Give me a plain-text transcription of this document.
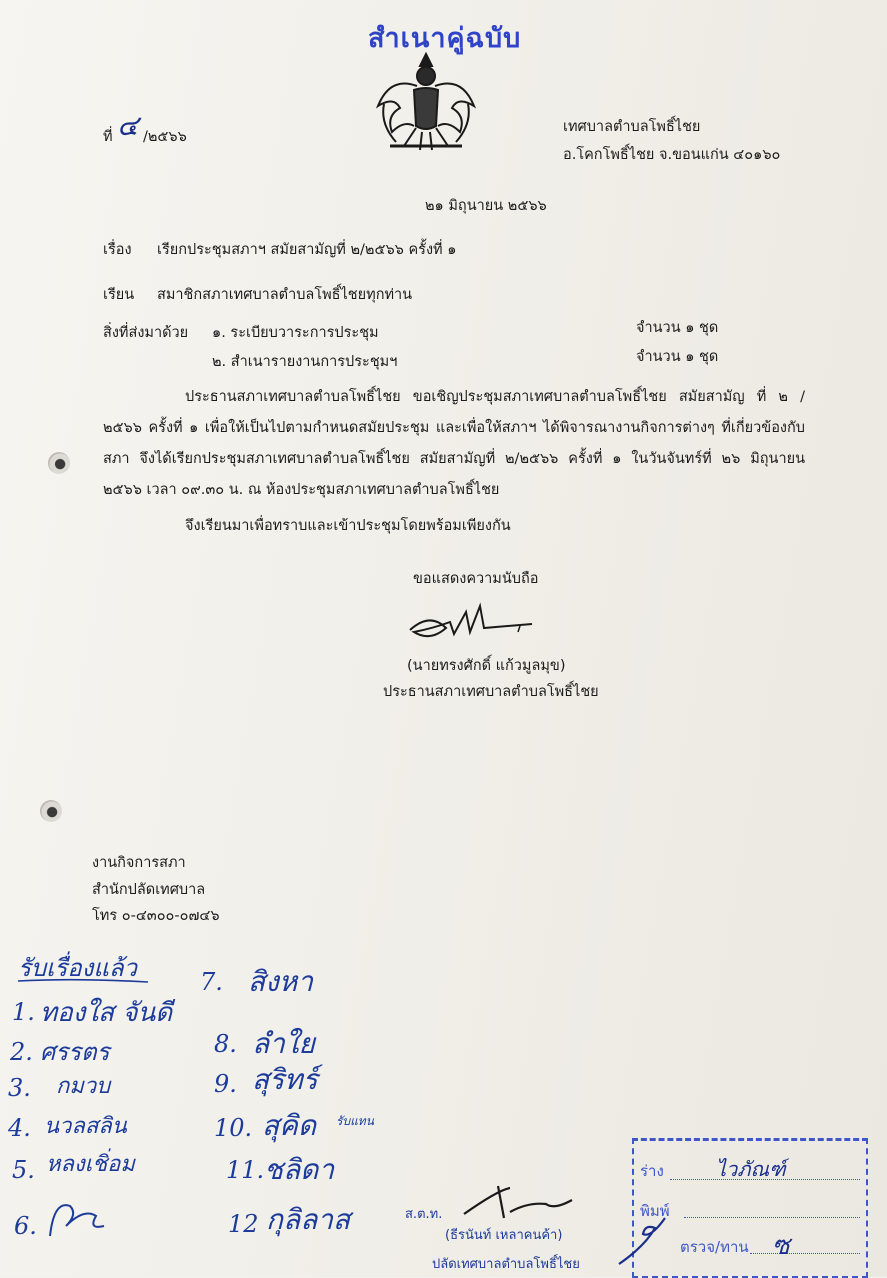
สำเนาคู่ฉบับ
ที่ ๔ /๒๕๖๖
เทศบาลตำบลโพธิ์ไชย
อ.โคกโพธิ์ไชย จ.ขอนแก่น ๔๐๑๖๐
๒๑ มิถุนายน ๒๕๖๖
เรื่อง เรียกประชุมสภาฯ สมัยสามัญที่ ๒/๒๕๖๖ ครั้งที่ ๑
เรียน สมาชิกสภาเทศบาลตำบลโพธิ์ไชยทุกท่าน
สิ่งที่ส่งมาด้วย ๑. ระเบียบวาระการประชุม	จำนวน ๑ ชุด
๒. สำเนารายงานการประชุมฯ	จำนวน ๑ ชุด
ประธานสภาเทศบาลตำบลโพธิ์ไชย ขอเชิญประชุมสภาเทศบาลตำบลโพธิ์ไชย สมัยสามัญ ที่ ๒ /๒๕๖๖ ครั้งที่ ๑ เพื่อให้เป็นไปตามกำหนดสมัยประชุม และเพื่อให้สภาฯ ได้พิจารณางานกิจการต่างๆ ที่เกี่ยวข้องกับสภา จึงได้เรียกประชุมสภาเทศบาลตำบลโพธิ์ไชย สมัยสามัญที่ ๒/๒๕๖๖ ครั้งที่ ๑ ในวันจันทร์ที่ ๒๖ มิถุนายน ๒๕๖๖ เวลา ๐๙.๓๐ น. ณ ห้องประชุมสภาเทศบาลตำบลโพธิ์ไชย
จึงเรียนมาเพื่อทราบและเข้าประชุมโดยพร้อมเพียงกัน
ขอแสดงความนับถือ
(นายทรงศักดิ์ แก้วมูลมุข)
ประธานสภาเทศบาลตำบลโพธิ์ไชย
งานกิจการสภา
สำนักปลัดเทศบาล
โทร ๐-๔๓๐๐-๐๗๔๖
รับเรื่องแล้ว
1. ทองใส จันดี
2. ศรรตร
3. กมวบ
4. นวลสลิน
5. หลงเชิ่อม
6.
7. สิงหา
8. ลำใย
9. สุริทร์
10. สุคิด รับแทน
11. ชลิดา
12 กุลิลาส	ส.ต.ท.
(ธีรนันท์ เหลาคนค้า)
ปลัดเทศบาลตำบลโพธิ์ไชย
ร่าง	ไวภัณฑ์
พิมพ์
ตรวจ/ทาน ซ
